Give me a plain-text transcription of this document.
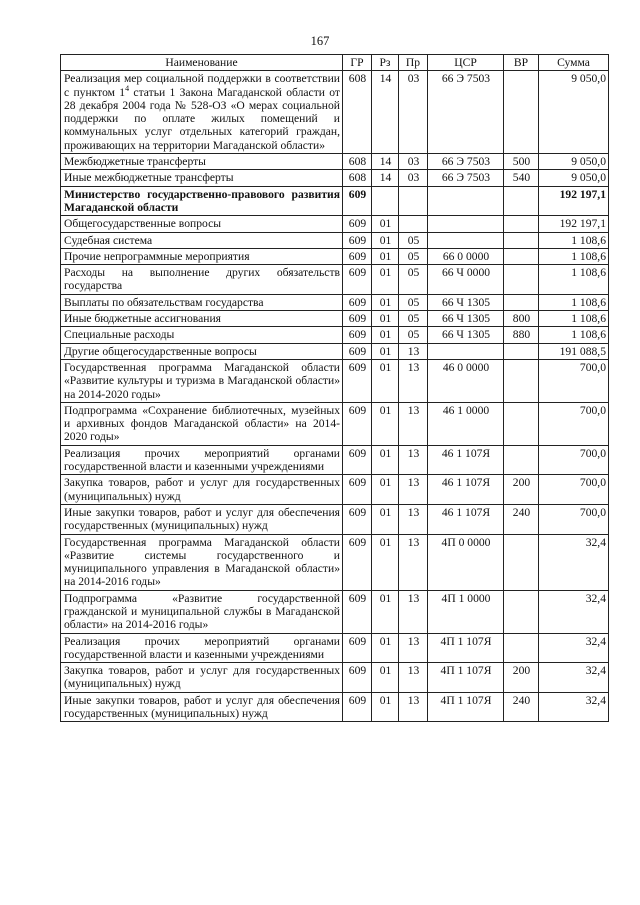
167
Наименование	ГР	Рз	Пр	ЦСР	ВР	Сумма
Реализация мер социальной поддержки в соответствии с пунктом $1^4$ статьи 1 Закона Магаданской области от 28 декабря 2004 года № 528-ОЗ «О мерах социальной поддержки по оплате жилых помещений и коммунальных услуг отдельных категорий граждан, проживающих на территории Магаданской области»	608	14	03	66 Э 7503		9 050,0
Межбюджетные трансферты	608	14	03	66 Э 7503	500	9 050,0
Иные межбюджетные трансферты	608	14	03	66 Э 7503	540	9 050,0
Министерство государственно-правового развития Магаданской области	609					192 197,1
Общегосударственные вопросы	609	01				192 197,1
Судебная система	609	01	05			1 108,6
Прочие непрограммные мероприятия	609	01	05	66 0 0000		1 108,6
Расходы на выполнение других обязательств государства	609	01	05	66 Ч 0000		1 108,6
Выплаты по обязательствам государства	609	01	05	66 Ч 1305		1 108,6
Иные бюджетные ассигнования	609	01	05	66 Ч 1305	800	1 108,6
Специальные расходы	609	01	05	66 Ч 1305	880	1 108,6
Другие общегосударственные вопросы	609	01	13			191 088,5
Государственная программа Магаданской области «Развитие культуры и туризма в Магаданской области» на 2014-2020 годы»	609	01	13	46 0 0000		700,0
Подпрограмма «Сохранение библиотечных, музейных и архивных фондов Магаданской области» на 2014-2020 годы»	609	01	13	46 1 0000		700,0
Реализация прочих мероприятий органами государственной власти и казенными учреждениями	609	01	13	46 1 107Я		700,0
Закупка товаров, работ и услуг для государственных (муниципальных) нужд	609	01	13	46 1 107Я	200	700,0
Иные закупки товаров, работ и услуг для обеспечения государственных (муниципальных) нужд	609	01	13	46 1 107Я	240	700,0
Государственная программа Магаданской области «Развитие системы государственного и муниципального управления в Магаданской области» на 2014-2016 годы»	609	01	13	4П 0 0000		32,4
Подпрограмма «Развитие государственной гражданской и муниципальной службы в Магаданской области» на 2014-2016 годы»	609	01	13	4П 1 0000		32,4
Реализация прочих мероприятий органами государственной власти и казенными учреждениями	609	01	13	4П 1 107Я		32,4
Закупка товаров, работ и услуг для государственных (муниципальных) нужд	609	01	13	4П 1 107Я	200	32,4
Иные закупки товаров, работ и услуг для обеспечения государственных (муниципальных) нужд	609	01	13	4П 1 107Я	240	32,4
